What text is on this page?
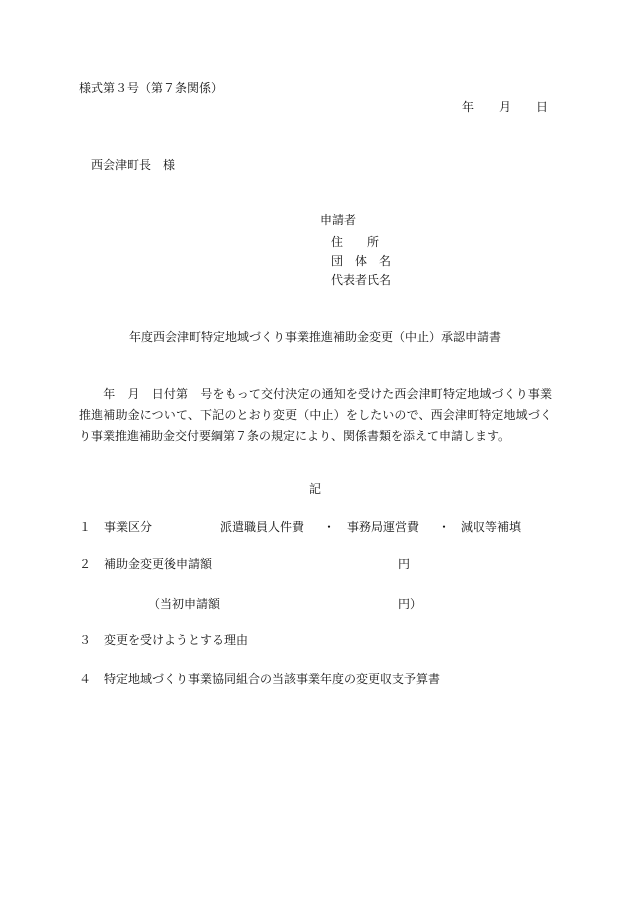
様式第３号（第７条関係）
年 月 日
西会津町長　様
申請者
住　　所
団　体　名
代表者氏名
年度西会津町特定地域づくり事業推進補助金変更（中止）承認申請書
　　年　月　日付第　号をもって交付決定の通知を受けた西会津町特定地域づくり事業推進補助金について、下記のとおり変更（中止）をしたいので、西会津町特定地域づくり事業推進補助金交付要綱第７条の規定により、関係書類を添えて申請します。
記
１ 事業区分	派遣職員人件費 ・ 事務局運営費 ・ 減収等補填
２ 補助金変更後申請額	円
（当初申請額	円）
３ 変更を受けようとする理由
４ 特定地域づくり事業協同組合の当該事業年度の変更収支予算書
